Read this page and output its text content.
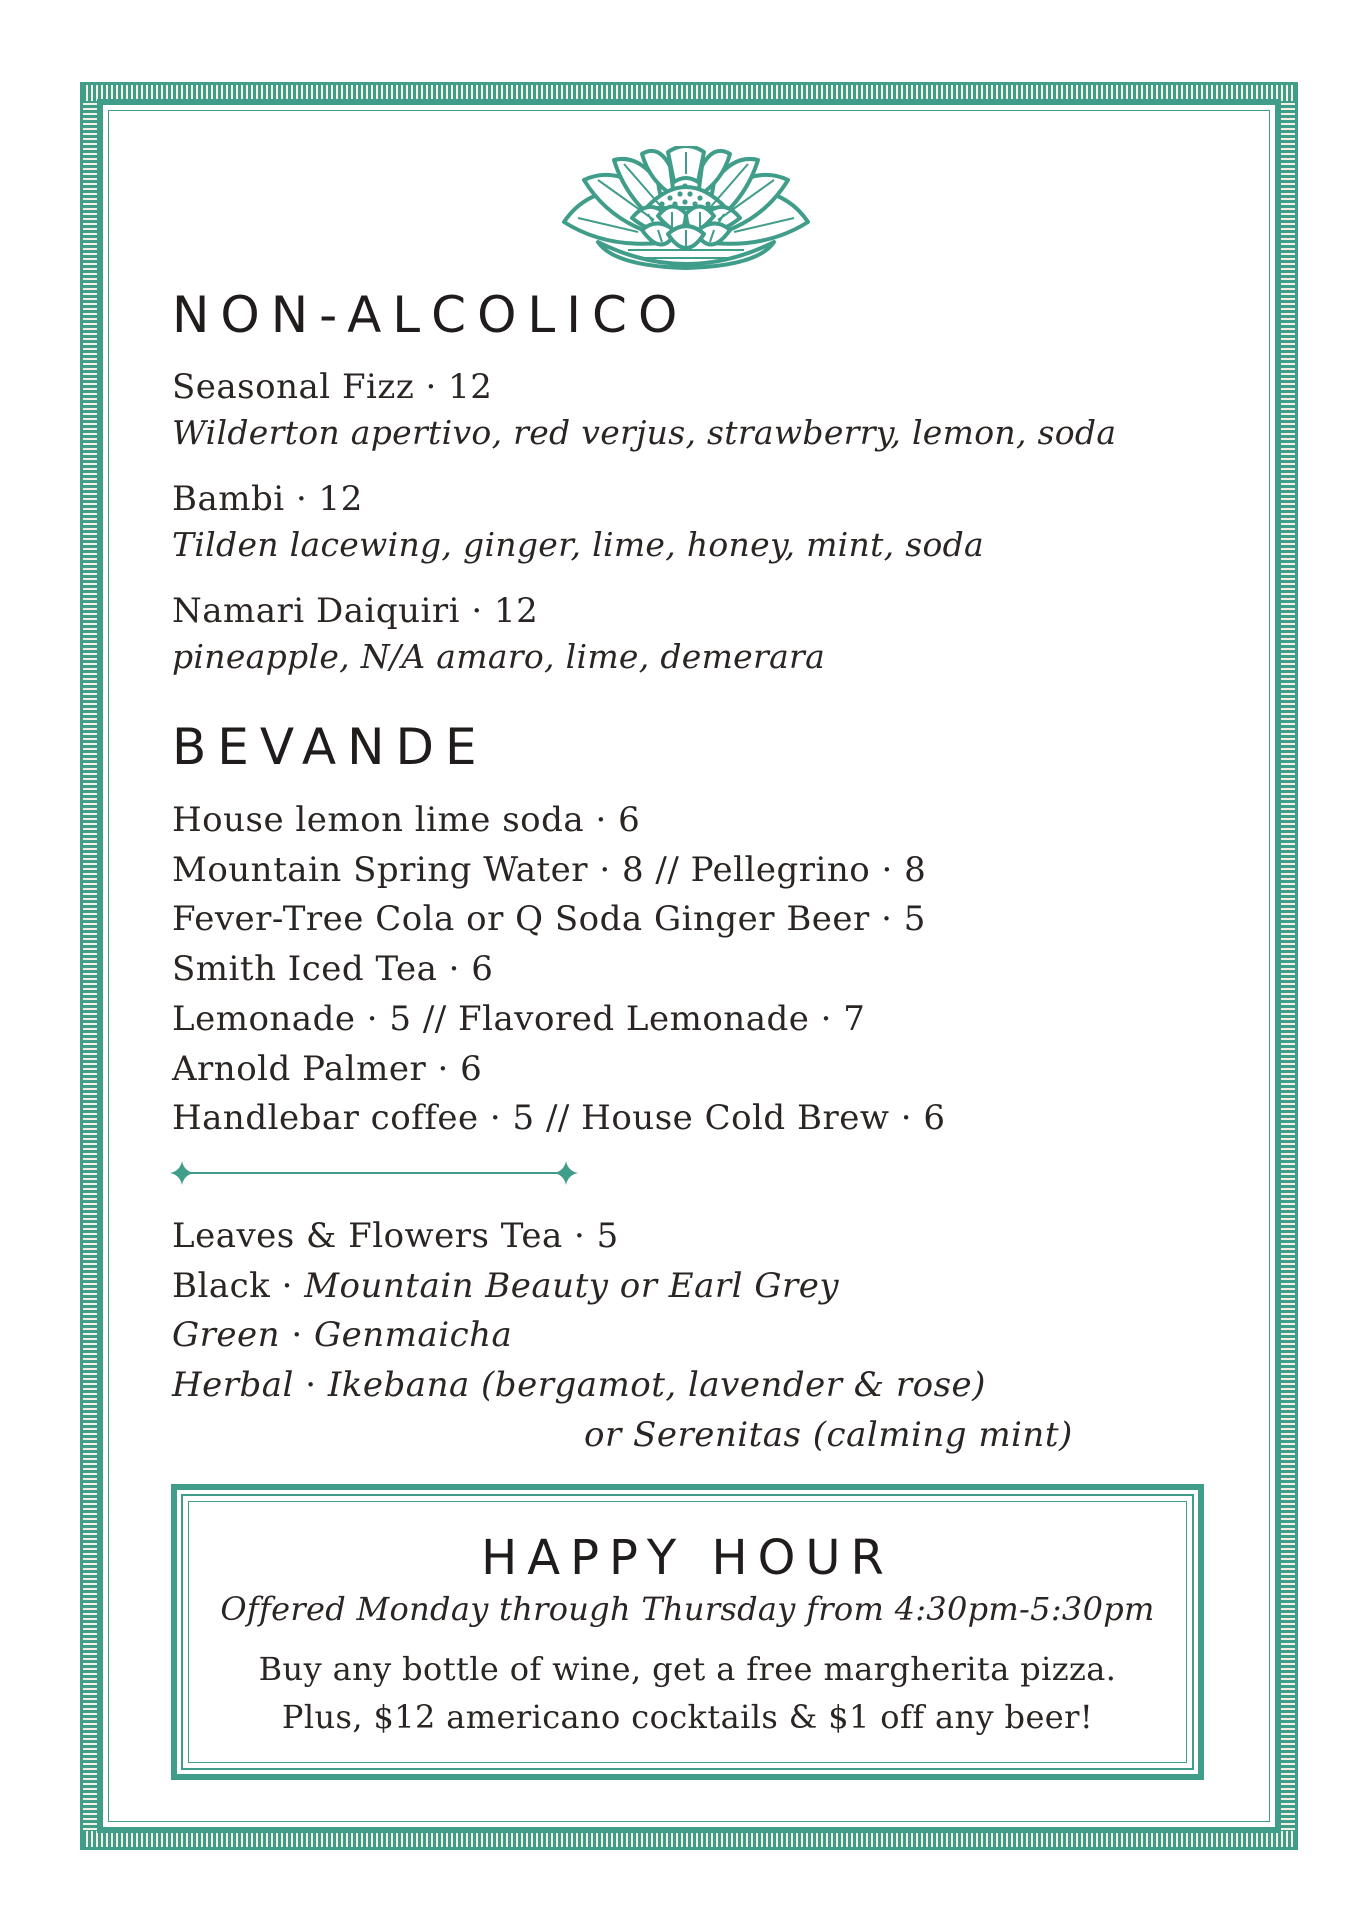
NON-ALCOLICO
Seasonal Fizz · 12
Wilderton apertivo, red verjus, strawberry, lemon, soda
Bambi · 12
Tilden lacewing, ginger, lime, honey, mint, soda
Namari Daiquiri · 12
pineapple, N/A amaro, lime, demerara
BEVANDE
House lemon lime soda · 6
Mountain Spring Water · 8 // Pellegrino · 8
Fever-Tree Cola or Q Soda Ginger Beer · 5
Smith Iced Tea · 6
Lemonade · 5 // Flavored Lemonade · 7
Arnold Palmer · 6
Handlebar coffee · 5 // House Cold Brew · 6
Leaves & Flowers Tea · 5
Black · Mountain Beauty or Earl Grey
Green · Genmaicha
Herbal · Ikebana (bergamot, lavender & rose)
or Serenitas (calming mint)
HAPPY HOUR
Offered Monday through Thursday from 4:30pm-5:30pm
Buy any bottle of wine, get a free margherita pizza.
Plus, $12 americano cocktails & $1 off any beer!
